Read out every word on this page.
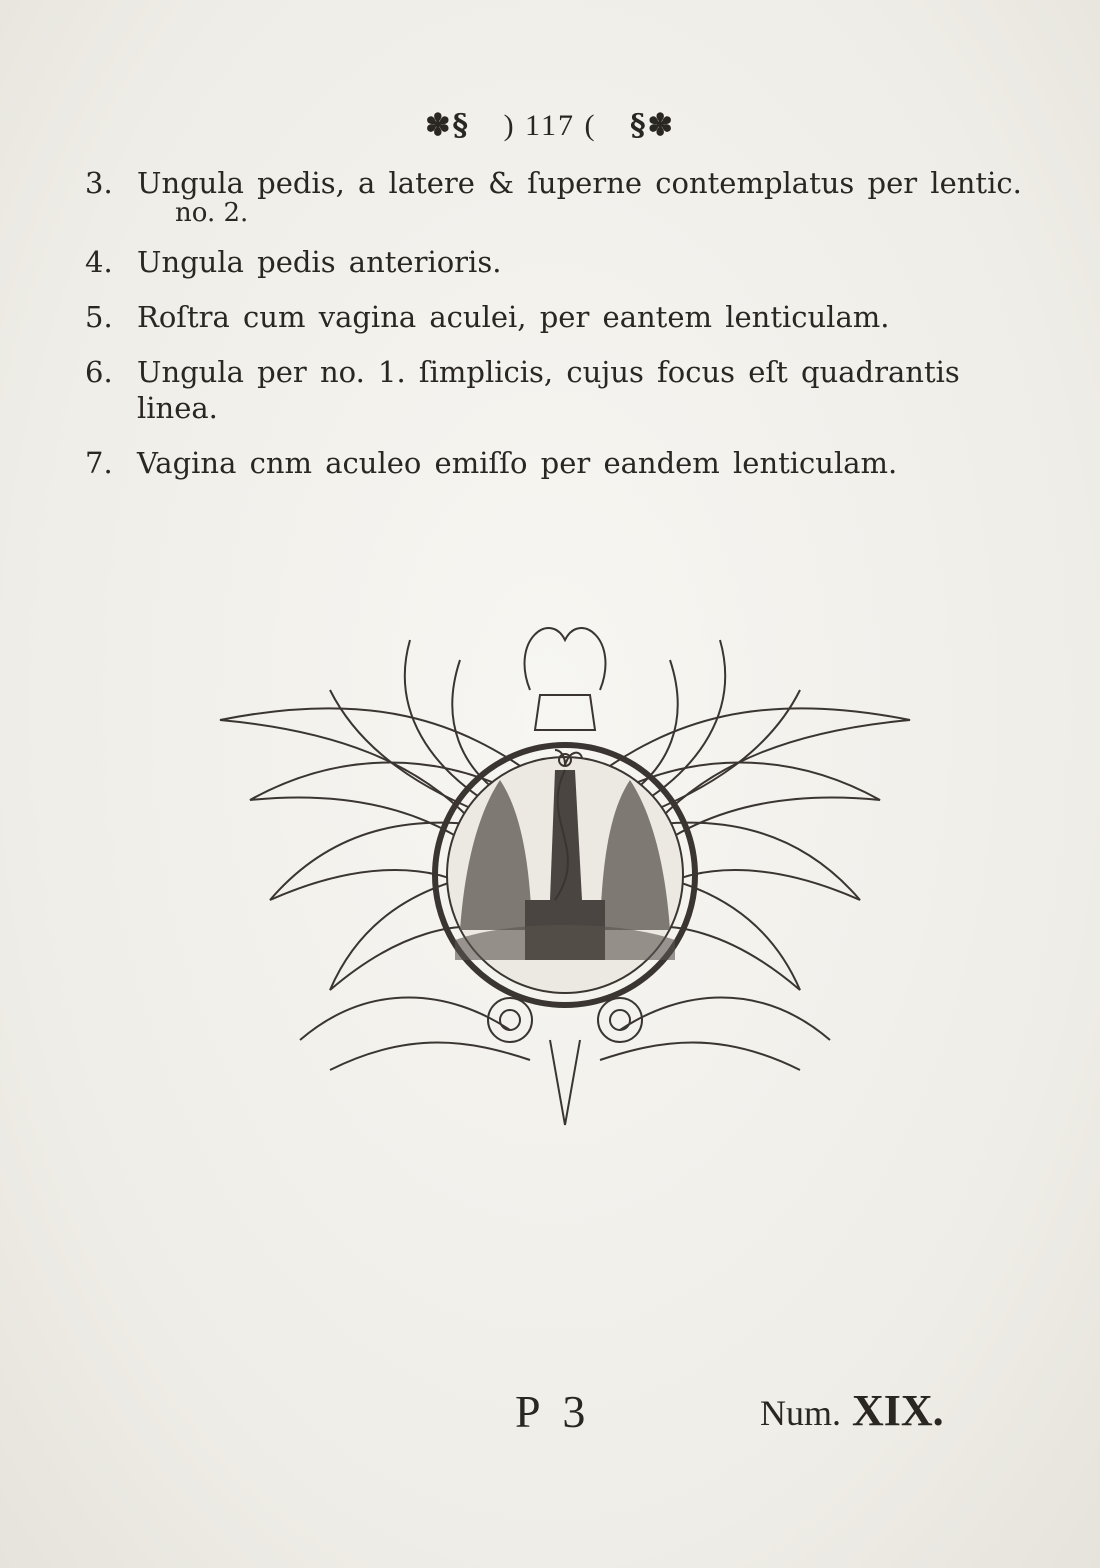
✽§ ) 117 ( §✽
3. Ungula pedis, a latere & ſuperne contemplatus per lentic.
no. 2.
4. Ungula pedis anterioris.
5. Roſtra cum vagina aculei, per eantem lenticulam.
6. Ungula per no. 1. ſimplicis, cujus focus eſt quadrantis linea.
7. Vagina cnm aculeo emiſſo per eandem lenticulam.
P 3	Num. XIX.
